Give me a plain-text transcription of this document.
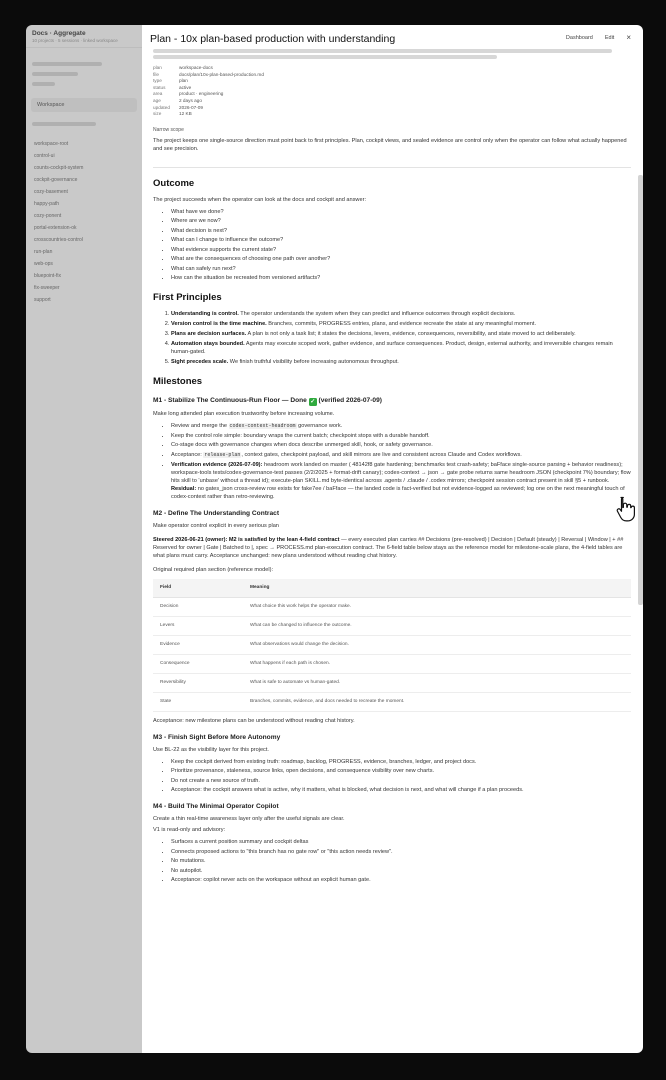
Docs · Aggregate
10 projects · 5 sessions · linked workspace
Workspace
workspace-root
control-ui
counts-cockpit-system
cockpit-governance
cozy-basement
happy-path
cozy-ponent
portal-extension-ok
crosscountries-control
run-plan
web-ops
bluepoint-fix
fix-sweeper
support
Plan - 10x plan-based production with understanding	Dashboard Edit ×
plan	workspace-docs
file	docs/plan/10x-plan-based-production.md
type	plan
status	active
area	product · engineering
age	2 days ago
updated	2026-07-09
size	12 KB
Narrow scope

The project keeps one single-source direction must point back to first principles. Plan, cockpit views, and sealed evidence are control only when the operator can follow what actually happened and see precision.

Outcome

The project succeeds when the operator can look at the docs and cockpit and answer:

• What have we done?
• Where are we now?
• What decision is next?
• What can I change to influence the outcome?
• What evidence supports the current state?
• What are the consequences of choosing one path over another?
• What can safely run next?
• How can the situation be recreated from versioned artifacts?
First Principles
1. Understanding is control. The operator understands the system when they can predict and influence outcomes through explicit decisions.
2. Version control is the time machine. Branches, commits, PROGRESS entries, plans, and evidence recreate the state at any meaningful moment.
3. Plans are decision surfaces. A plan is not only a task list; it states the decisions, levers, evidence, consequences, reversibility, and state moved to act deliberately.
4. Automation stays bounded. Agents may execute scoped work, gather evidence, and surface consequences. Product, design, external authority, and irreversible changes remain human-gated.
5. Sight precedes scale. We finish truthful visibility before increasing autonomous throughput.
Milestones
M1 - Stabilize The Continuous-Run Floor — Done ✓ (verified 2026-07-09)

Make long attended plan execution trustworthy before increasing volume.

• Review and merge the codex-context-headroom governance work.
• Keep the control role simple: boundary wraps the current batch; checkpoint stops with a durable handoff.
• Co-stage docs with governance changes when docs describe unmerged skill, hook, or safety governance.
• Acceptance: release-plan, context gates, checkpoint payload, and skill mirrors are live and consistent across Claude and Codex workflows.
• Verification evidence (2026-07-09): headroom work landed on master ( 48142f8 gate hardening; benchmarks test crash-safety; baFface single-source parsing + behavior readiness); workspace-tools tests/codex-governance-test passes (2/2/2025 + format-drift canary); codex-context → json → gate probe returns same headroom JSON (checkpoint 7%) boundary; flow hits skill to ‘unbase’ without a thread id); execute-plan SKILL.md byte-identical across .agents / .claude / .codex mirrors; checkpoint session contract present in skill §5 + runbook. Residual: no gates_json cross-review row exists for fake7ee / baFface — the landed code is fact-verified but not evidence-logged as reviewed; log one on the next meaningful touch of codex-context rather than retro-reviewing.
M2 - Define The Understanding Contract

Make operator control explicit in every serious plan

Steered 2026-06-21 (owner): M2 is satisfied by the lean 4-field contract — every executed plan carries ## Decisions (pre-resolved) | Decision | Default (steady) | Reversal | Window | + ## Reserved for owner | Gate | Batched to |, spec → PROCESS.md plan-execution contract. The 6-field table below stays as the reference model for milestone-scale plans, the 4-field tables are what plans must carry. Acceptance unchanged: new plans understood without reading chat history.

Original required plan section (reference model):

Field	Meaning
Decision	What choice this work helps the operator make.
Levers	What can be changed to influence the outcome.
Evidence	What observations would change the decision.
Consequence	What happens if each path is chosen.
Reversibility	What is safe to automate vs human-gated.
State	Branches, commits, evidence, and docs needed to recreate the moment.

Acceptance: new milestone plans can be understood without reading chat history.

M3 - Finish Sight Before More Autonomy

Use BL-22 as the visibility layer for this project.

• Keep the cockpit derived from existing truth: roadmap, backlog, PROGRESS, evidence, branches, ledger, and project docs.
• Prioritize provenance, staleness, source links, open decisions, and consequence visibility over new charts.
• Do not create a new source of truth.
• Acceptance: the cockpit answers what is active, why it matters, what is blocked, what decision is next, and what will change if a plan proceeds.
M4 - Build The Minimal Operator Copilot

Create a thin real-time awareness layer only after the useful signals are clear.

V1 is read-only and advisory:

• Surfaces a current position summary and cockpit deltas
• Connects proposed actions to "this branch has no gate row" or "this action needs review".
• No mutations.
• No autopilot.
• Acceptance: copilot never acts on the workspace without an explicit human gate.
